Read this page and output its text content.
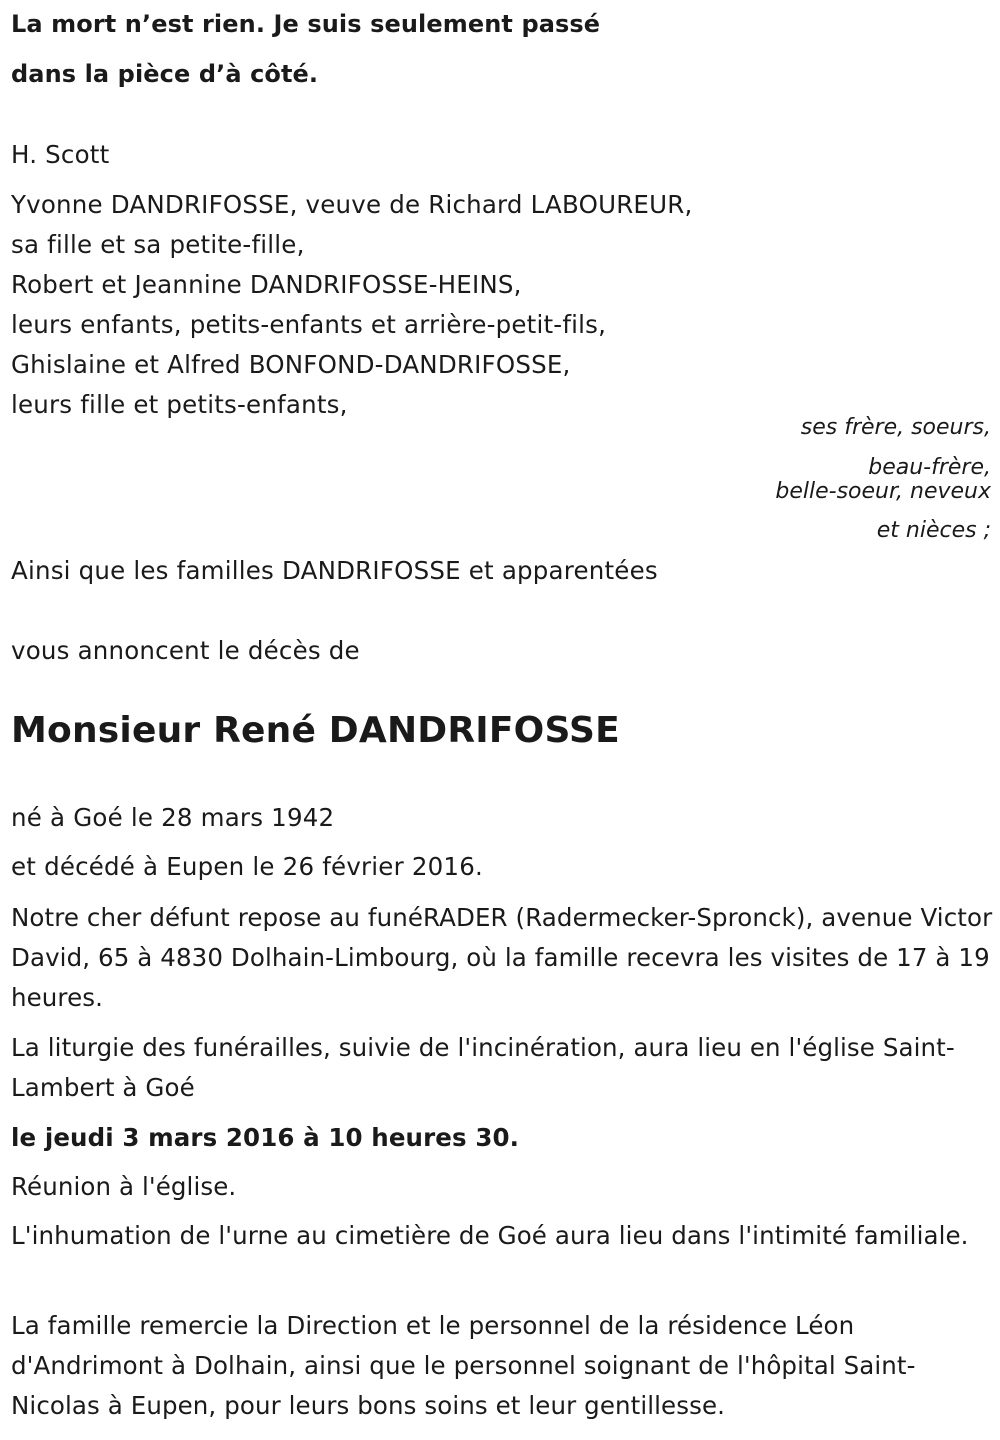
La mort n’est rien. Je suis seulement passé
dans la pièce d’à côté.
H. Scott
Yvonne DANDRIFOSSE, veuve de Richard LABOUREUR,
sa fille et sa petite-fille,
Robert et Jeannine DANDRIFOSSE-HEINS,
leurs enfants, petits-enfants et arrière-petit-fils,
Ghislaine et Alfred BONFOND-DANDRIFOSSE,
leurs fille et petits-enfants,
ses frère, soeurs,
beau-frère,
belle-soeur, neveux
et nièces ;
Ainsi que les familles DANDRIFOSSE et apparentées
vous annoncent le décès de
Monsieur René DANDRIFOSSE
né à Goé le 28 mars 1942
et décédé à Eupen le 26 février 2016.
Notre cher défunt repose au funéRADER (Radermecker-Spronck), avenue Victor David, 65 à 4830 Dolhain-Limbourg, où la famille recevra les visites de 17 à 19 heures.
La liturgie des funérailles, suivie de l'incinération, aura lieu en l'église Saint-Lambert à Goé
le jeudi 3 mars 2016 à 10 heures 30.
Réunion à l'église.
L'inhumation de l'urne au cimetière de Goé aura lieu dans l'intimité familiale.
La famille remercie la Direction et le personnel de la résidence Léon d'Andrimont à Dolhain, ainsi que le personnel soignant de l'hôpital Saint-Nicolas à Eupen, pour leurs bons soins et leur gentillesse.
